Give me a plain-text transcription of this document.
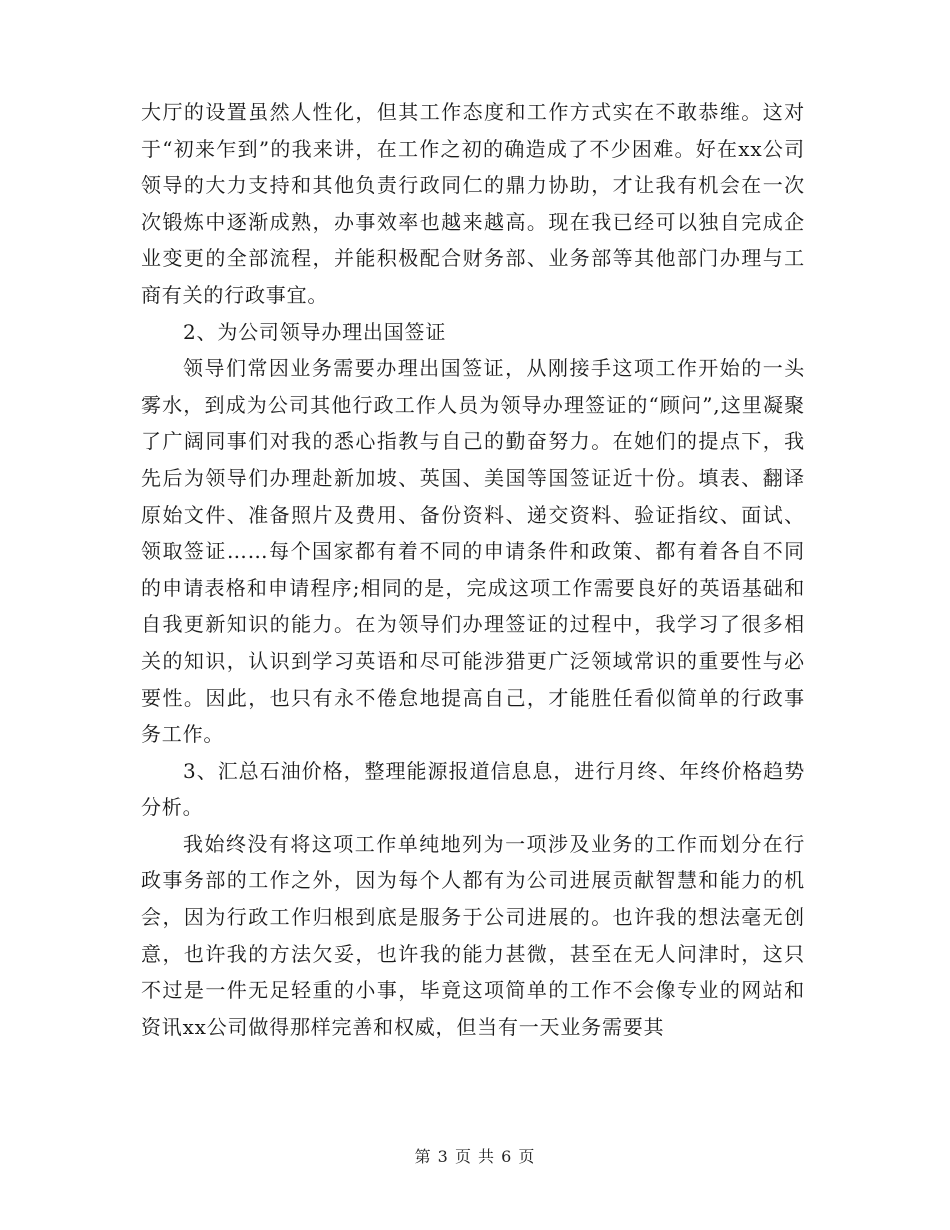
大厅的设置虽然人性化，但其工作态度和工作方式实在不敢恭维。这对于“初来乍到”的我来讲，在工作之初的确造成了不少困难。好在xx公司领导的大力支持和其他负责行政同仁的鼎力协助，才让我有机会在一次次锻炼中逐渐成熟，办事效率也越来越高。现在我已经可以独自完成企业变更的全部流程，并能积极配合财务部、业务部等其他部门办理与工商有关的行政事宜。

2、为公司领导办理出国签证

领导们常因业务需要办理出国签证，从刚接手这项工作开始的一头雾水，到成为公司其他行政工作人员为领导办理签证的“顾问”,这里凝聚了广阔同事们对我的悉心指教与自己的勤奋努力。在她们的提点下，我先后为领导们办理赴新加坡、英国、美国等国签证近十份。填表、翻译原始文件、准备照片及费用、备份资料、递交资料、验证指纹、面试、领取签证……每个国家都有着不同的申请条件和政策、都有着各自不同的申请表格和申请程序;相同的是，完成这项工作需要良好的英语基础和自我更新知识的能力。在为领导们办理签证的过程中，我学习了很多相关的知识，认识到学习英语和尽可能涉猎更广泛领域常识的重要性与必要性。因此，也只有永不倦怠地提高自己，才能胜任看似简单的行政事务工作。

3、汇总石油价格，整理能源报道信息息，进行月终、年终价格趋势分析。

我始终没有将这项工作单纯地列为一项涉及业务的工作而划分在行政事务部的工作之外，因为每个人都有为公司进展贡献智慧和能力的机会，因为行政工作归根到底是服务于公司进展的。也许我的想法毫无创意，也许我的方法欠妥，也许我的能力甚微，甚至在无人问津时，这只不过是一件无足轻重的小事，毕竟这项简单的工作不会像专业的网站和资讯xx公司做得那样完善和权威，但当有一天业务需要其

第 3 页 共 6 页
